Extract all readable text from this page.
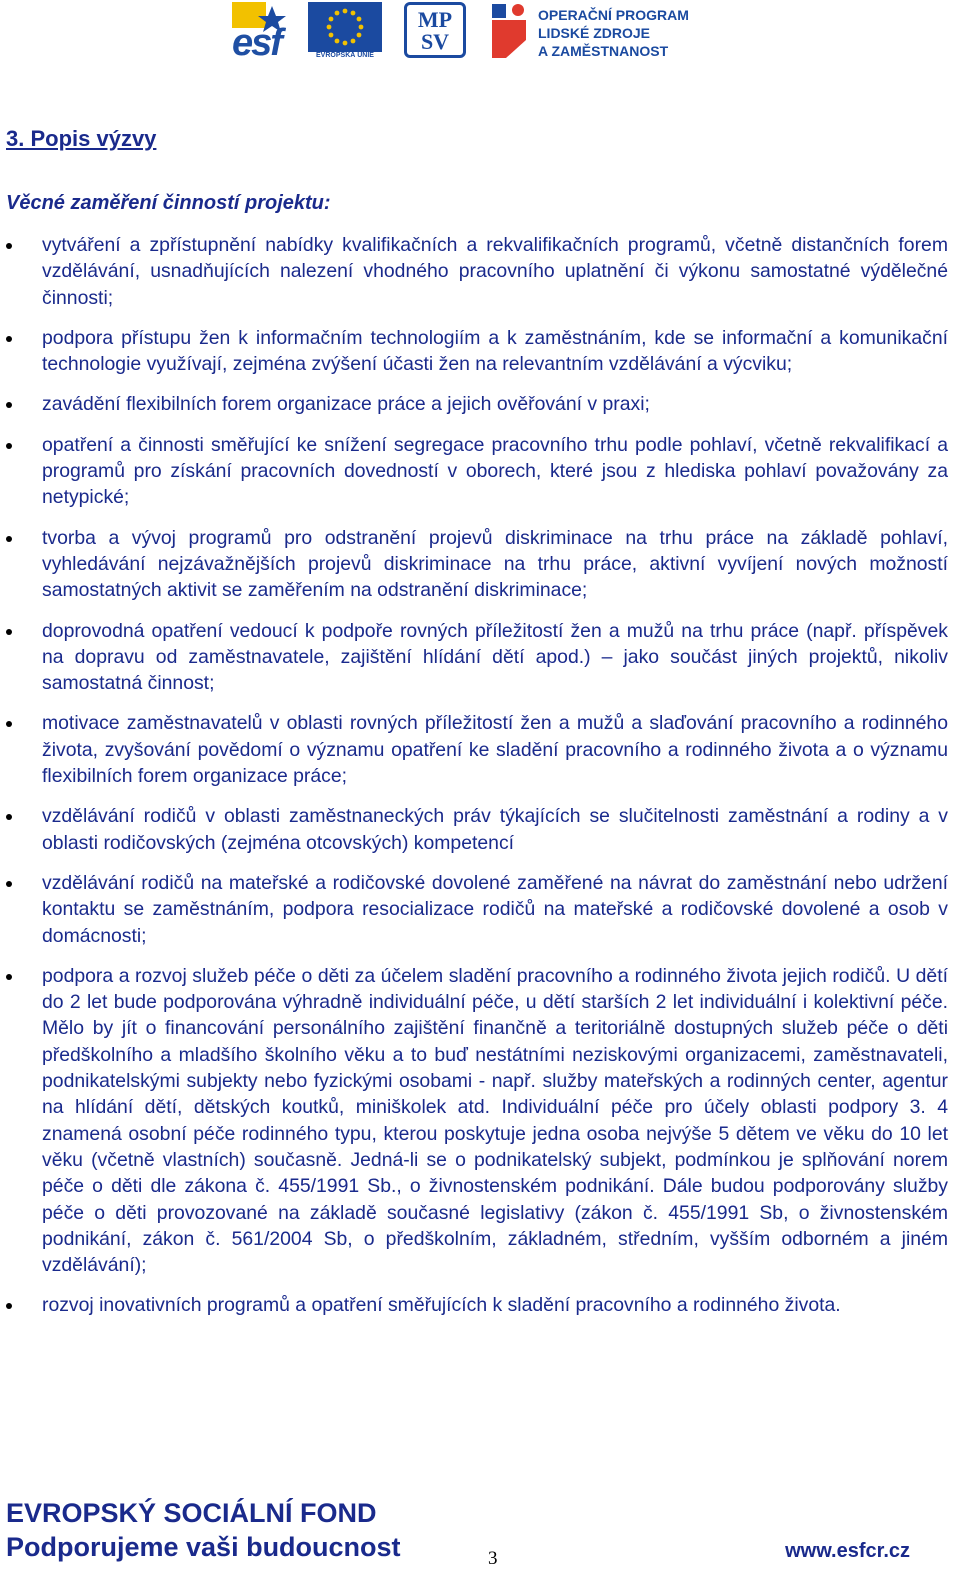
esf	EVROPSKÁ UNIE
MP
SV
OPERAČNÍ PROGRAM
LIDSKÉ ZDROJE
A ZAMĚSTNANOST
3. Popis výzvy
Věcné zaměření činností projektu:
vytváření a zpřístupnění nabídky kvalifikačních a rekvalifikačních programů, včetně distančních forem vzdělávání, usnadňujících nalezení vhodného pracovního uplatnění či výkonu samostatné výdělečné činnosti;
podpora přístupu žen k informačním technologiím a k zaměstnáním, kde se informační a komunikační technologie využívají, zejména zvýšení účasti žen na relevantním vzdělávání a výcviku;
zavádění flexibilních forem organizace práce a jejich ověřování v praxi;
opatření a činnosti směřující ke snížení segregace pracovního trhu podle pohlaví, včetně rekvalifikací a programů pro získání pracovních dovedností v oborech, které jsou z hlediska pohlaví považovány za netypické;
tvorba a vývoj programů pro odstranění projevů diskriminace na trhu práce na základě pohlaví, vyhledávání nejzávažnějších projevů diskriminace na trhu práce, aktivní vyvíjení nových možností samostatných aktivit se zaměřením na odstranění diskriminace;
doprovodná opatření vedoucí k podpoře rovných příležitostí žen a mužů na trhu práce (např. příspěvek na dopravu od zaměstnavatele, zajištění hlídání dětí apod.) – jako součást jiných projektů, nikoliv samostatná činnost;
motivace zaměstnavatelů v oblasti rovných příležitostí žen a mužů a slaďování pracovního a rodinného života, zvyšování povědomí o významu opatření ke sladění pracovního a rodinného života a o významu flexibilních forem organizace práce;
vzdělávání rodičů v oblasti zaměstnaneckých práv týkajících se slučitelnosti zaměstnání a rodiny a v oblasti rodičovských (zejména otcovských) kompetencí
vzdělávání rodičů na mateřské a rodičovské dovolené zaměřené na návrat do zaměstnání nebo udržení kontaktu se zaměstnáním, podpora resocializace rodičů na mateřské a rodičovské dovolené a osob v domácnosti;
podpora a rozvoj služeb péče o děti za účelem sladění pracovního a rodinného života jejich rodičů. U dětí do 2 let bude podporována výhradně individuální péče, u dětí starších 2 let individuální i kolektivní péče. Mělo by jít o financování personálního zajištění finančně a teritoriálně dostupných služeb péče o děti předškolního a mladšího školního věku a to buď nestátními neziskovými organizacemi, zaměstnavateli, podnikatelskými subjekty nebo fyzickými osobami - např. služby mateřských a rodinných center, agentur na hlídání dětí, dětských koutků, miniškolek atd. Individuální péče pro účely oblasti podpory 3. 4 znamená osobní péče rodinného typu, kterou poskytuje jedna osoba nejvýše 5 dětem ve věku do 10 let věku (včetně vlastních) současně. Jedná-li se o podnikatelský subjekt, podmínkou je splňování norem péče o děti dle zákona č. 455/1991 Sb., o živnostenském podnikání. Dále budou podporovány služby péče o děti provozované na základě současné legislativy (zákon č. 455/1991 Sb, o živnostenském podnikání, zákon č. 561/2004 Sb, o předškolním, základném, středním, vyšším odborném a jiném vzdělávání);
rozvoj inovativních programů a opatření směřujících k sladění pracovního a rodinného života.
EVROPSKÝ SOCIÁLNÍ FOND
Podporujeme vaši budoucnost	3	www.esfcr.cz
